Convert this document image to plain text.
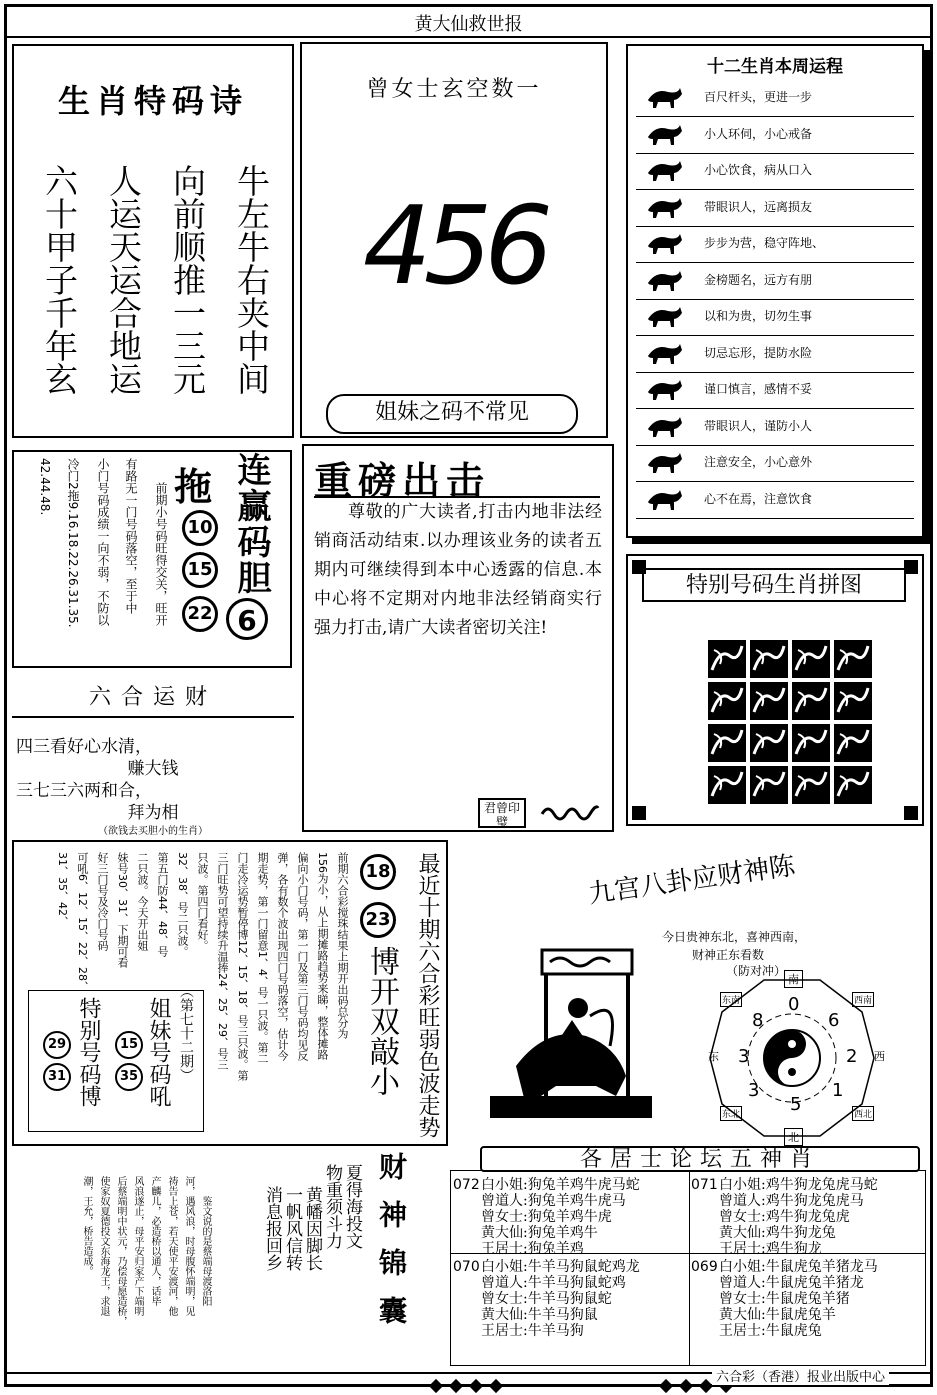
黄大仙救世报
生肖特码诗
六十甲子千年玄 人运天运合地运 向前顺推一三元 牛左牛右夹中间
曾女士玄空数一
456
姐妹之码不常见
十二生肖本周运程
百尺杆头，更进一步
小人环伺，小心戒备
小心饮食，病从口入
带眼识人，远离损友
步步为营，稳守阵地、
金榜题名，远方有朋
以和为贵，切勿生事
切忌忘形，提防水险
谨口慎言，感情不妥
带眼识人，谨防小人
注意安全，小心意外
心不在焉，注意饮食
前期小号码旺得交关，旺开
有路无一门号码落空，至于中
小门号码成绩一向不弱，不防以
冷门2拖9.16.18.22.26.31.35.
42.44.48.	拖 连赢码胆
10
15
22 6
重磅出击
尊敬的广大读者,打击内地非法经销商活动结束.以办理该业务的读者五期内可继续得到本中心透露的信息.本中心将不定期对内地非法经销商实行强力打击,请广大读者密切关注!
君曾印璧
特别号码生肖拼图
六合运财
四三看好心水清，
赚大钱
三七三六两和合，
拜为相
（欲钱去买胆小的生肖）
最近十期六合彩旺弱色波走势
18
23
博开双敲小
前期六合彩搅珠结果上期开出码总分为
156为小，从上期摊路趋势来睇，整体摊路
偏向小门号码，第一门及第三门号码均见反
弹，各有数个波出现四门号码落空，估计今
期走势，第一门留意1、4、号一只波。第二
门走冷运势暂停博12、15、18、号三只波。第
三门旺势可望持续升温捧24、25、29、号三
只波。第四门看好。
32、38、号二只波。
第五门防44、48、号
二只波。今天开出姐
妹号30、31、下期可看
好三门号及冷门号码
可吼6、12、15、22、28、
31、35、42、
（第七十二期）
特别号码博 姐妹号码吼
29
31
15
35
九宫八卦应财神陈
今日贵神东北，喜神西南，
财神正东看数
（防对冲）
南
北
东	西
东南	西南
东北	西北
0
6
2
1
5
3
3
8
各居士论坛五神肖
072 白小姐:狗兔羊鸡牛虎马蛇
曾道人:狗兔羊鸡牛虎马
曾女士:狗兔羊鸡牛虎
黄大仙:狗兔羊鸡牛
王居士:狗兔羊鸡
071 白小姐:鸡牛狗龙兔虎马蛇
曾道人:鸡牛狗龙兔虎马
曾女士:鸡牛狗龙兔虎
黄大仙:鸡牛狗龙兔
王居士:鸡牛狗龙
070 白小姐:牛羊马狗鼠蛇鸡龙
曾道人:牛羊马狗鼠蛇鸡
曾女士:牛羊马狗鼠蛇
黄大仙:牛羊马狗鼠
王居士:牛羊马狗
069 白小姐:牛鼠虎兔羊猪龙马
曾道人:牛鼠虎兔羊猪龙
曾女士:牛鼠虎兔羊猪
黄大仙:牛鼠虎兔羊
王居士:牛鼠虎兔
财神锦囊
夏得海投文
物重须斗力
黄幡因脚长
一帆风信转
消息报回乡
鉴文说的是蔡端母渡洛阳
河，遇风浪，时母腹怀端明，见
祷告上苍，若天使平安渡河，他
产麟儿，必造桥以通人，话毕
风浪遂止，母平安归家产下端明
后蔡端明中状元，乃偿母愿造桥，
使家奴夏德投文东海龙王，求退
潮，王允，桥告造成。

六合彩（香港）报业出版中心
